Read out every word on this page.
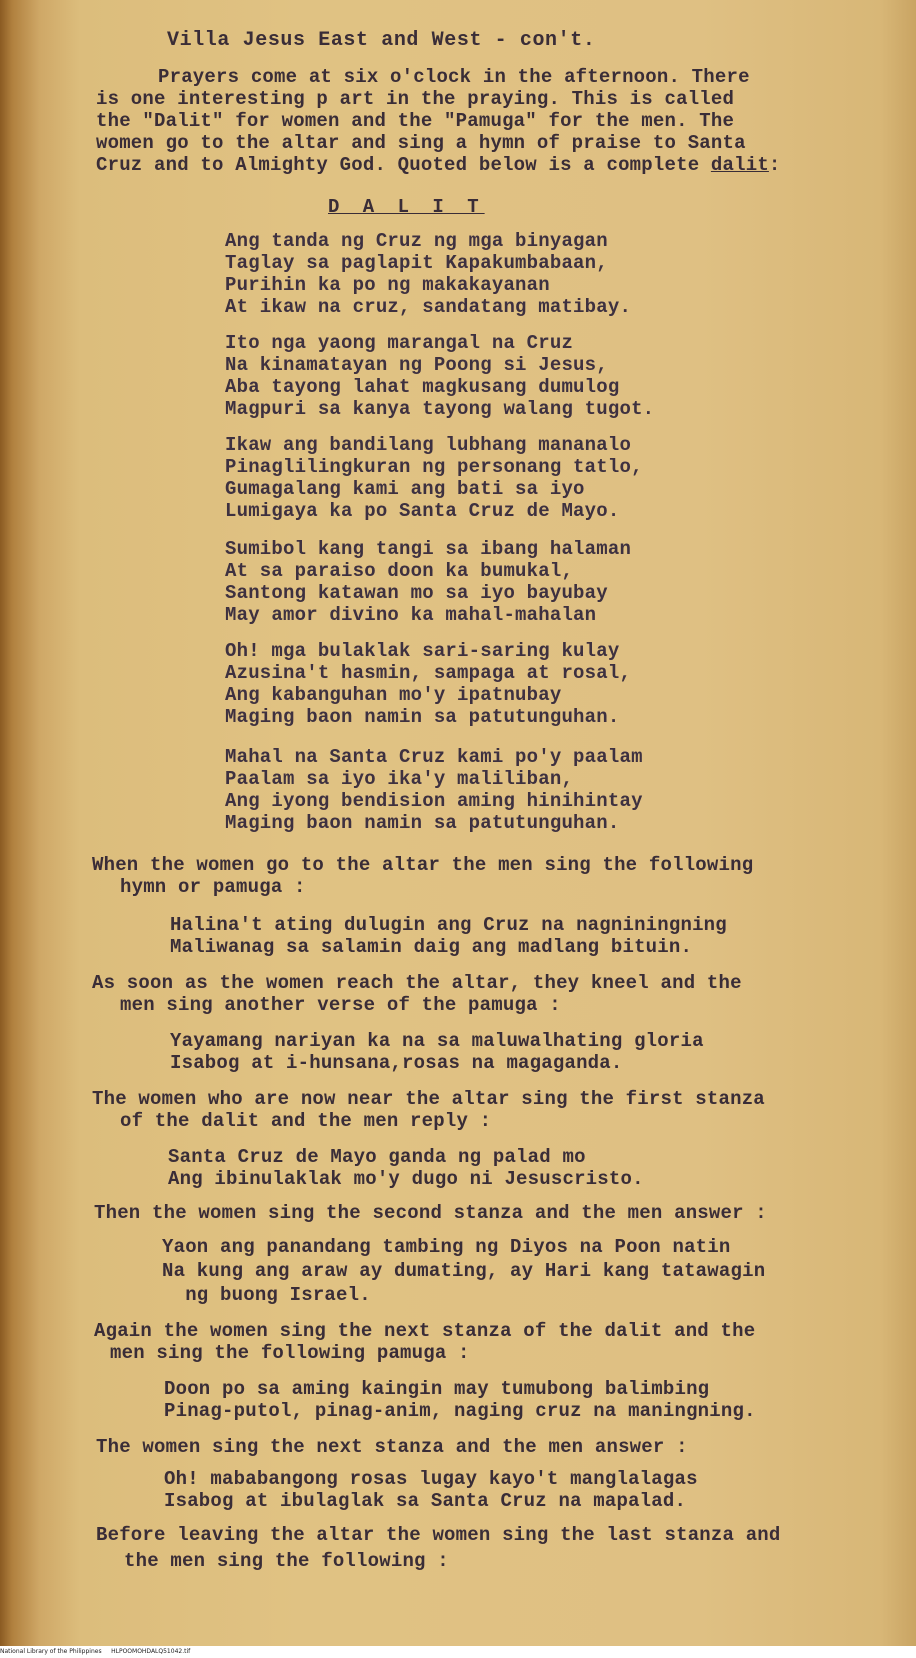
Villa Jesus East and West - con't.
Prayers come at six o'clock in the afternoon. There
is one interesting p art in the praying. This is called
the "Dalit" for women and the "Pamuga" for the men. The
women go to the altar and sing a hymn of praise to Santa
Cruz and to Almighty God. Quoted below is a complete dalit:
D A L I T
Ang tanda ng Cruz ng mga binyagan
Taglay sa paglapit Kapakumbabaan,
Purihin ka po ng makakayanan
At ikaw na cruz, sandatang matibay.
Ito nga yaong marangal na Cruz
Na kinamatayan ng Poong si Jesus,
Aba tayong lahat magkusang dumulog
Magpuri sa kanya tayong walang tugot.
Ikaw ang bandilang lubhang mananalo
Pinaglilingkuran ng personang tatlo,
Gumagalang kami ang bati sa iyo
Lumigaya ka po Santa Cruz de Mayo.
Sumibol kang tangi sa ibang halaman
At sa paraiso doon ka bumukal,
Santong katawan mo sa iyo bayubay
May amor divino ka mahal-mahalan
Oh! mga bulaklak sari-saring kulay
Azusina't hasmin, sampaga at rosal,
Ang kabanguhan mo'y ipatnubay
Maging baon namin sa patutunguhan.
Mahal na Santa Cruz kami po'y paalam
Paalam sa iyo ika'y maliliban,
Ang iyong bendision aming hinihintay
Maging baon namin sa patutunguhan.
When the women go to the altar the men sing the following
hymn or pamuga :
Halina't ating dulugin ang Cruz na nagniningning
Maliwanag sa salamin daig ang madlang bituin.
As soon as the women reach the altar, they kneel and the
men sing another verse of the pamuga :
Yayamang nariyan ka na sa maluwalhating gloria
Isabog at i-hunsana,rosas na magaganda.
The women who are now near the altar sing the first stanza
of the dalit and the men reply :
Santa Cruz de Mayo ganda ng palad mo
Ang ibinulaklak mo'y dugo ni Jesuscristo.
Then the women sing the second stanza and the men answer :
Yaon ang panandang tambing ng Diyos na Poon natin
Na kung ang araw ay dumating, ay Hari kang tatawagin
ng buong Israel.
Again the women sing the next stanza of the dalit and the
men sing the following pamuga :
Doon po sa aming kaingin may tumubong balimbing
Pinag-putol, pinag-anim, naging cruz na maningning.
The women sing the next stanza and the men answer :
Oh! mababangong rosas lugay kayo't manglalagas
Isabog at ibulaglak sa Santa Cruz na mapalad.
Before leaving the altar the women sing the last stanza and
the men sing the following :
National Library of the Philippines     HLPOOMOHDALQ51042.tif
